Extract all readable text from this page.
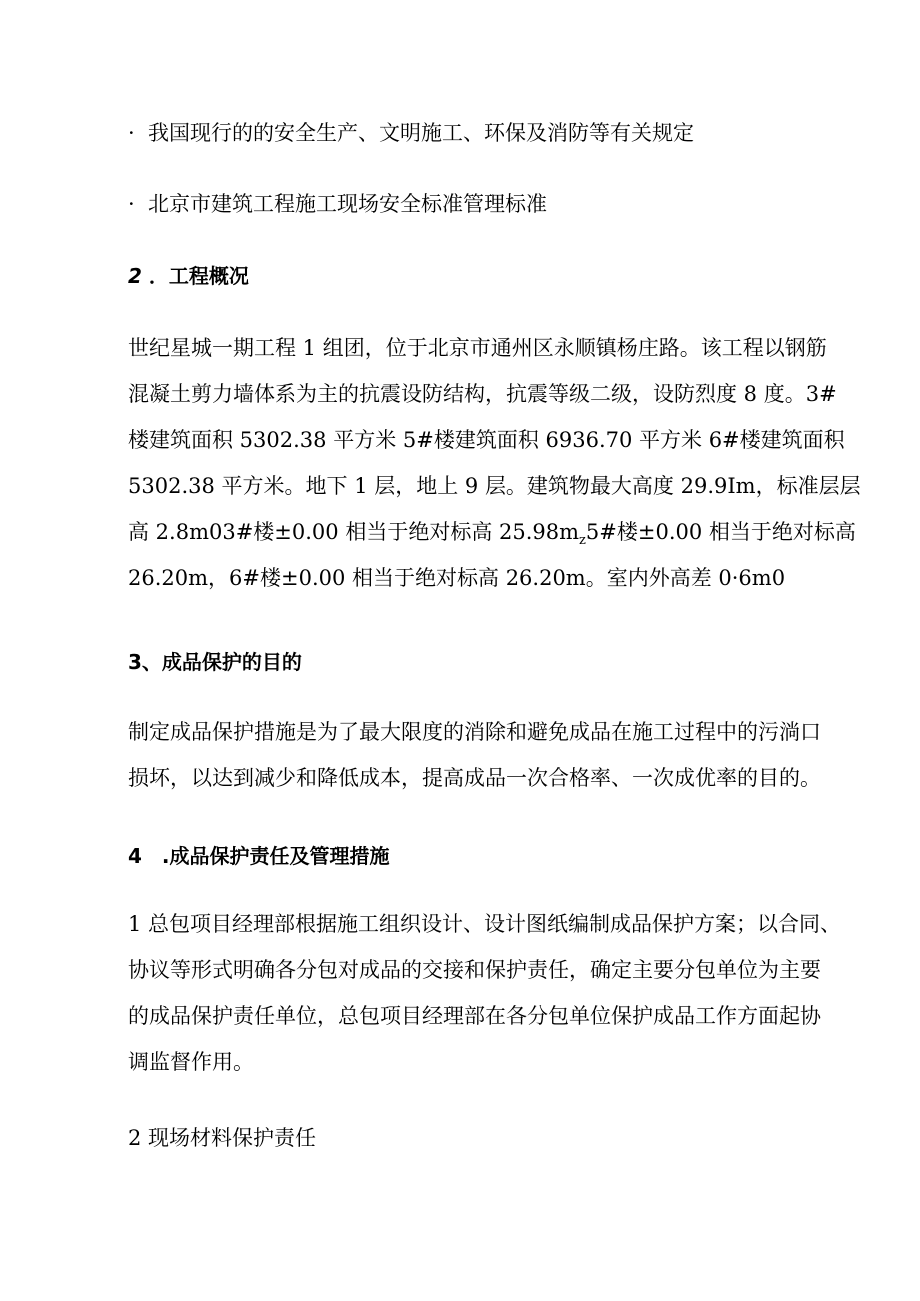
· 我国现行的的安全生产、文明施工、环保及消防等有关规定
· 北京市建筑工程施工现场安全标准管理标准
2 ．工程概况
世纪星城一期工程 1 组团，位于北京市通州区永顺镇杨庄路。该工程以钢筋
混凝土剪力墙体系为主的抗震设防结构，抗震等级二级，设防烈度 8 度。3#
楼建筑面积 5302.38 平方米 5#楼建筑面积 6936.70 平方米 6#楼建筑面积
5302.38 平方米。地下 1 层，地上 9 层。建筑物最大高度 29.9Im，标准层层
高 2.8m03#楼±0.00 相当于绝对标高 $25.98m_z5\#$楼±0.00 相当于绝对标高
26.20m，6#楼±0.00 相当于绝对标高 26.20m。室内外高差 0·6m0
3、成品保护的目的
制定成品保护措施是为了最大限度的消除和避免成品在施工过程中的污淌口
损坏，以达到减少和降低成本，提高成品一次合格率、一次成优率的目的。
4　.成品保护责任及管理措施
1 总包项目经理部根据施工组织设计、设计图纸编制成品保护方案；以合同、
协议等形式明确各分包对成品的交接和保护责任，确定主要分包单位为主要
的成品保护责任单位，总包项目经理部在各分包单位保护成品工作方面起协
调监督作用。
2 现场材料保护责任
